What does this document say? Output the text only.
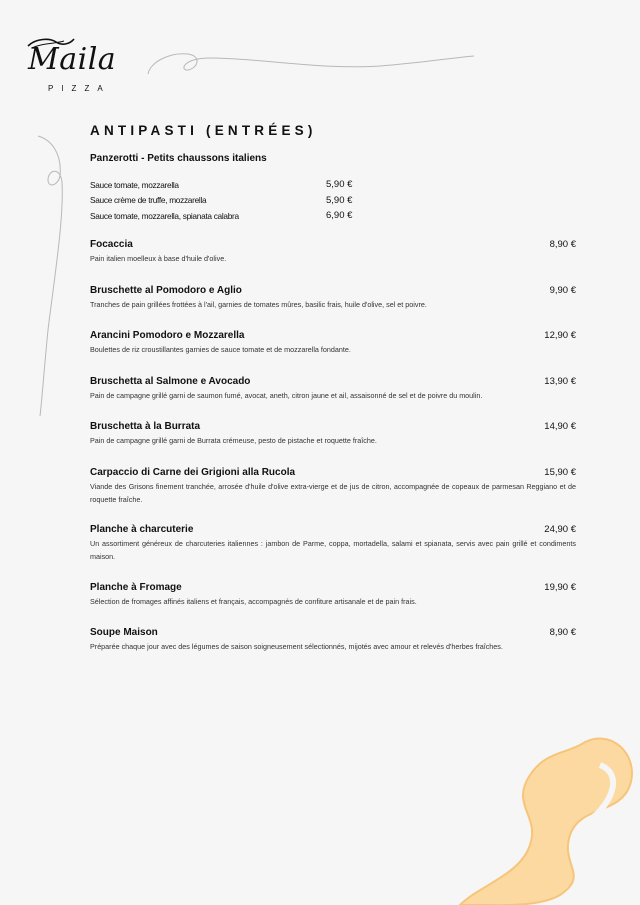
Maila
PIZZA
ANTIPASTI (ENTRÉES)
Panzerotti - Petits chaussons italiens
Sauce tomate, mozzarella	5,90 €
Sauce crème de truffe, mozzarella	5,90 €
Sauce tomate, mozzarella, spianata calabra	6,90 €
Focaccia	8,90 €
Pain italien moelleux à base d'huile d'olive.
Bruschette al Pomodoro e Aglio	9,90 €
Tranches de pain grillées frottées à l'ail, garnies de tomates mûres, basilic frais, huile d'olive, sel et poivre.
Arancini Pomodoro e Mozzarella	12,90 €
Boulettes de riz croustillantes garnies de sauce tomate et de mozzarella fondante.
Bruschetta al Salmone e Avocado	13,90 €
Pain de campagne grillé garni de saumon fumé, avocat, aneth, citron jaune et ail, assaisonné de sel et de poivre du moulin.
Bruschetta à la Burrata	14,90 €
Pain de campagne grillé garni de Burrata crémeuse, pesto de pistache et roquette fraîche.
Carpaccio di Carne dei Grigioni alla Rucola	15,90 €
Viande des Grisons finement tranchée, arrosée d'huile d'olive extra-vierge et de jus de citron, accompagnée de copeaux de parmesan Reggiano et de roquette fraîche.
Planche à charcuterie	24,90 €
Un assortiment généreux de charcuteries italiennes : jambon de Parme, coppa, mortadella, salami et spianata, servis avec pain grillé et condiments maison.
Planche à Fromage	19,90 €
Sélection de fromages affinés italiens et français, accompagnés de confiture artisanale et de pain frais.
Soupe Maison	8,90 €
Préparée chaque jour avec des légumes de saison soigneusement sélectionnés, mijotés avec amour et relevés d'herbes fraîches.
